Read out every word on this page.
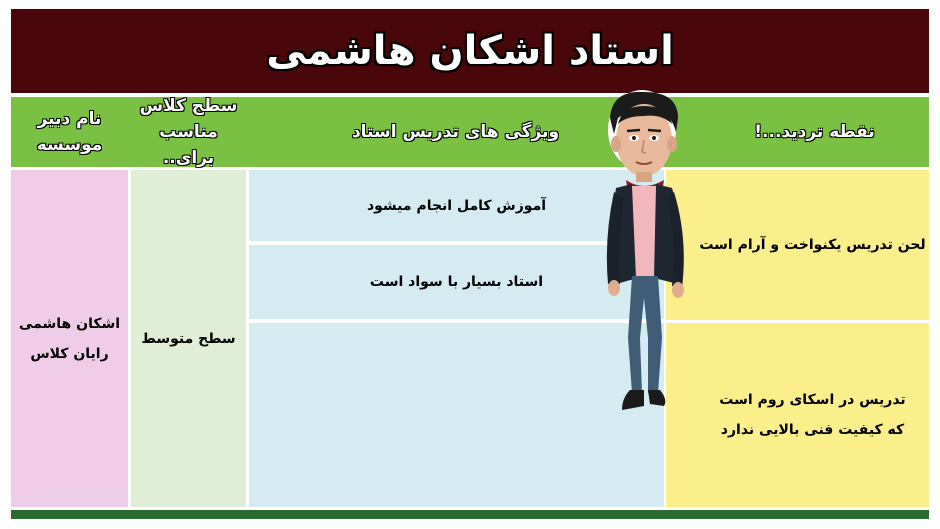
استاد اشکان هاشمی
نام دبیر
موسسه
سطح کلاس
مناسب برای..
ویژگی های تدریس استاد	نقطه تردید...!
اشکان هاشمی
رایان کلاس
سطح متوسط
آموزش کامل انجام میشود
استاد بسیار با سواد است
لحن تدریس یکنواخت و آرام است
تدریس در اسکای روم است
که کیفیت فنی بالایی ندارد
